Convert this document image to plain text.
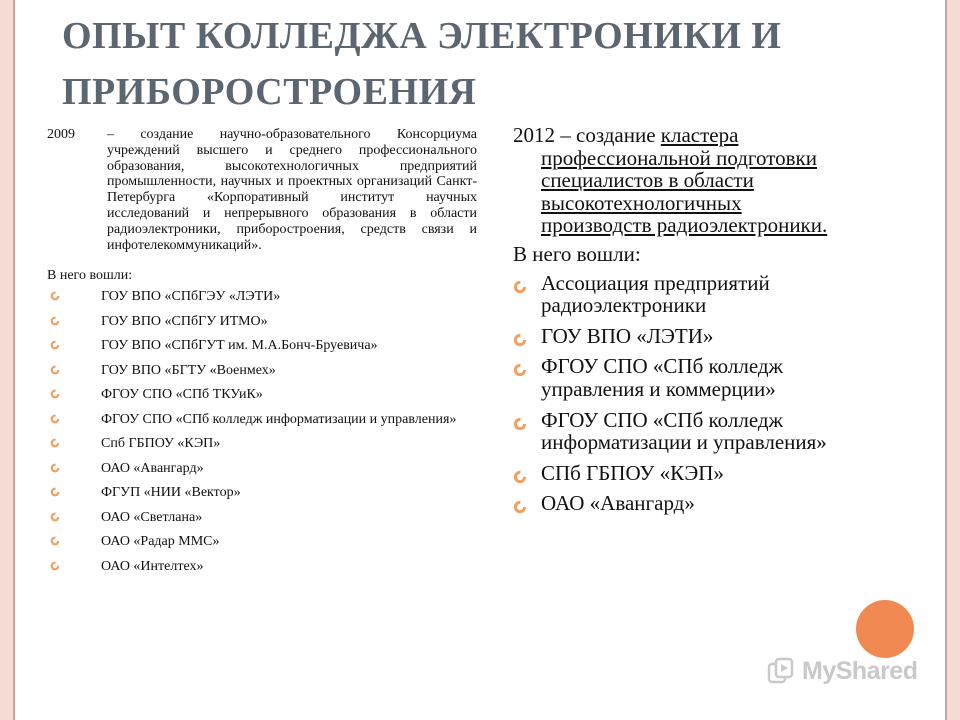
ОПЫТ КОЛЛЕДЖА ЭЛЕКТРОНИКИ И
ПРИБОРОСТРОЕНИЯ

2009	– создание научно-образовательного Консорциума учреждений высшего и среднего профессионального образования, высокотехнологичных предприятий промышленности, научных и проектных организаций Санкт-Петербурга «Корпоративный институт научных исследований и непрерывного образования в области радиоэлектроники, приборостроения, средств связи и инфотелекоммуникаций».

В него вошли:

ГОУ ВПО «СПбГЭУ «ЛЭТИ»
ГОУ ВПО «СПбГУ ИТМО»
ГОУ ВПО «СПбГУТ им. М.А.Бонч-Бруевича»
ГОУ ВПО «БГТУ «Военмех»
ФГОУ СПО «СПб ТКУиК»
ФГОУ СПО «СПб колледж информатизации и управления»
Спб ГБПОУ «КЭП»
ОАО «Авангард»
ФГУП «НИИ «Вектор»
ОАО «Светлана»
ОАО «Радар ММС»
ОАО «Интелтех»

2012 – создание кластера
профессиональной подготовки специалистов в области высокотехнологичных производств радиоэлектроники.

В него вошли:

Ассоциация предприятий радиоэлектроники
ГОУ ВПО «ЛЭТИ»
ФГОУ СПО «СПб колледж управления и коммерции»
ФГОУ СПО «СПб колледж информатизации и управления»
СПб ГБПОУ «КЭП»
ОАО «Авангард»
MyShared
